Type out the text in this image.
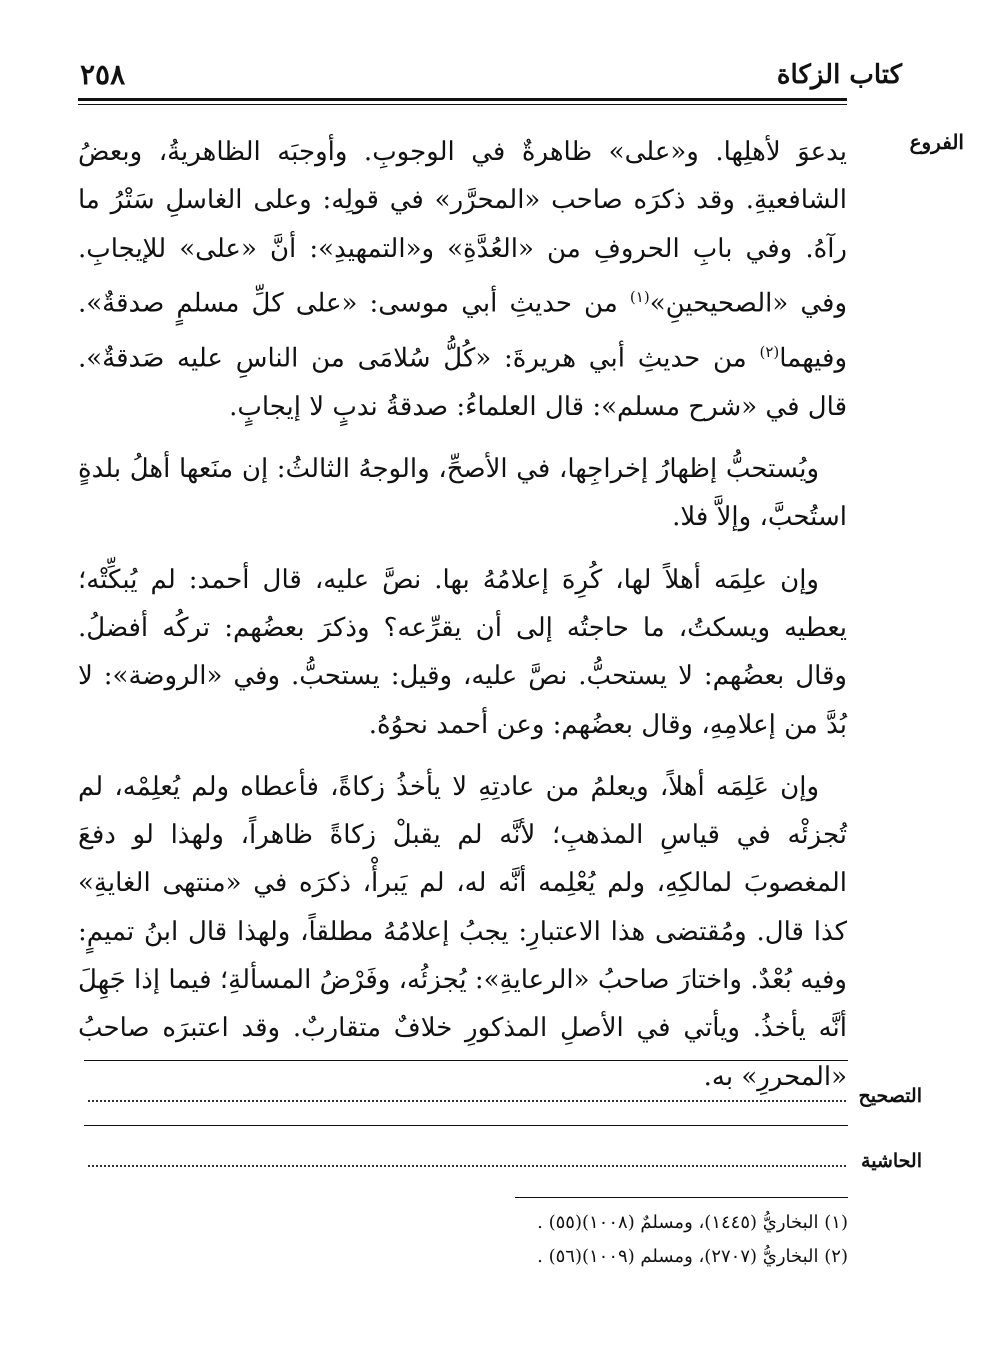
كتاب الزكاة
٢٥٨
الفروع

يدعوَ لأهلِها. و«على» ظاهرةٌ في الوجوبِ. وأوجبَه الظاهريةُ، وبعضُ الشافعيةِ. وقد ذكرَه صاحب «المحرَّر» في قولِه: وعلى الغاسلِ سَتْرُ ما رآهُ. وفي بابِ الحروفِ من «العُدَّةِ» و«التمهيدِ»: أنَّ «على» للإيجابِ. وفي «الصحيحينِ»$^{(١)}$ من حديثِ أبي موسى: «على كلِّ مسلمٍ صدقةٌ». وفيهما$^{(٢)}$ من حديثِ أبي هريرةَ: «كُلُّ سُلامَى من الناسِ عليه صَدقةٌ». قال في «شرح مسلم»: قال العلماءُ: صدقةُ ندبٍ لا إيجابٍ.

ويُستحبُّ إظهارُ إخراجِها، في الأصحِّ، والوجهُ الثالثُ: إن منَعها أهلُ بلدةٍ استُحبَّ، وإلاَّ فلا.

وإن علِمَه أهلاً لها، كُرِهَ إعلامُهُ بها. نصَّ عليه، قال أحمد: لم يُبكِّتْه؛ يعطيه ويسكتُ، ما حاجتُه إلى أن يقرِّعه؟ وذكرَ بعضُهم: تركُه أفضلُ. وقال بعضُهم: لا يستحبُّ. نصَّ عليه، وقيل: يستحبُّ. وفي «الروضة»: لا بُدَّ من إعلامِهِ، وقال بعضُهم: وعن أحمد نحوُهُ.

وإن عَلِمَه أهلاً، ويعلمُ من عادتِهِ لا يأخذُ زكاةً، فأعطاه ولم يُعلِمْه، لم تُجزئْه في قياسِ المذهبِ؛ لأنَّه لم يقبلْ زكاةً ظاهراً، ولهذا لو دفعَ المغصوبَ لمالكِهِ، ولم يُعْلِمه أنَّه له، لم يَبرأْ، ذكرَه في «منتهى الغايةِ» كذا قال. ومُقتضى هذا الاعتبارِ: يجبُ إعلامُهُ مطلقاً، ولهذا قال ابنُ تميمٍ: وفيه بُعْدٌ. واختارَ صاحبُ «الرعايةِ»: يُجزئُه، وفَرْضُ المسألةِ؛ فيما إذا جَهِلَ أنَّه يأخذُ. ويأتي في الأصلِ المذكورِ خلافٌ متقاربٌ. وقد اعتبرَه صاحبُ «المحررِ» به.

التصحيح
الحاشية
(١) البخاريُّ (١٤٤٥)، ومسلمٌ (١٠٠٨)(٥٥) .
(٢) البخاريُّ (٢٧٠٧)، ومسلم (١٠٠٩)(٥٦) .
